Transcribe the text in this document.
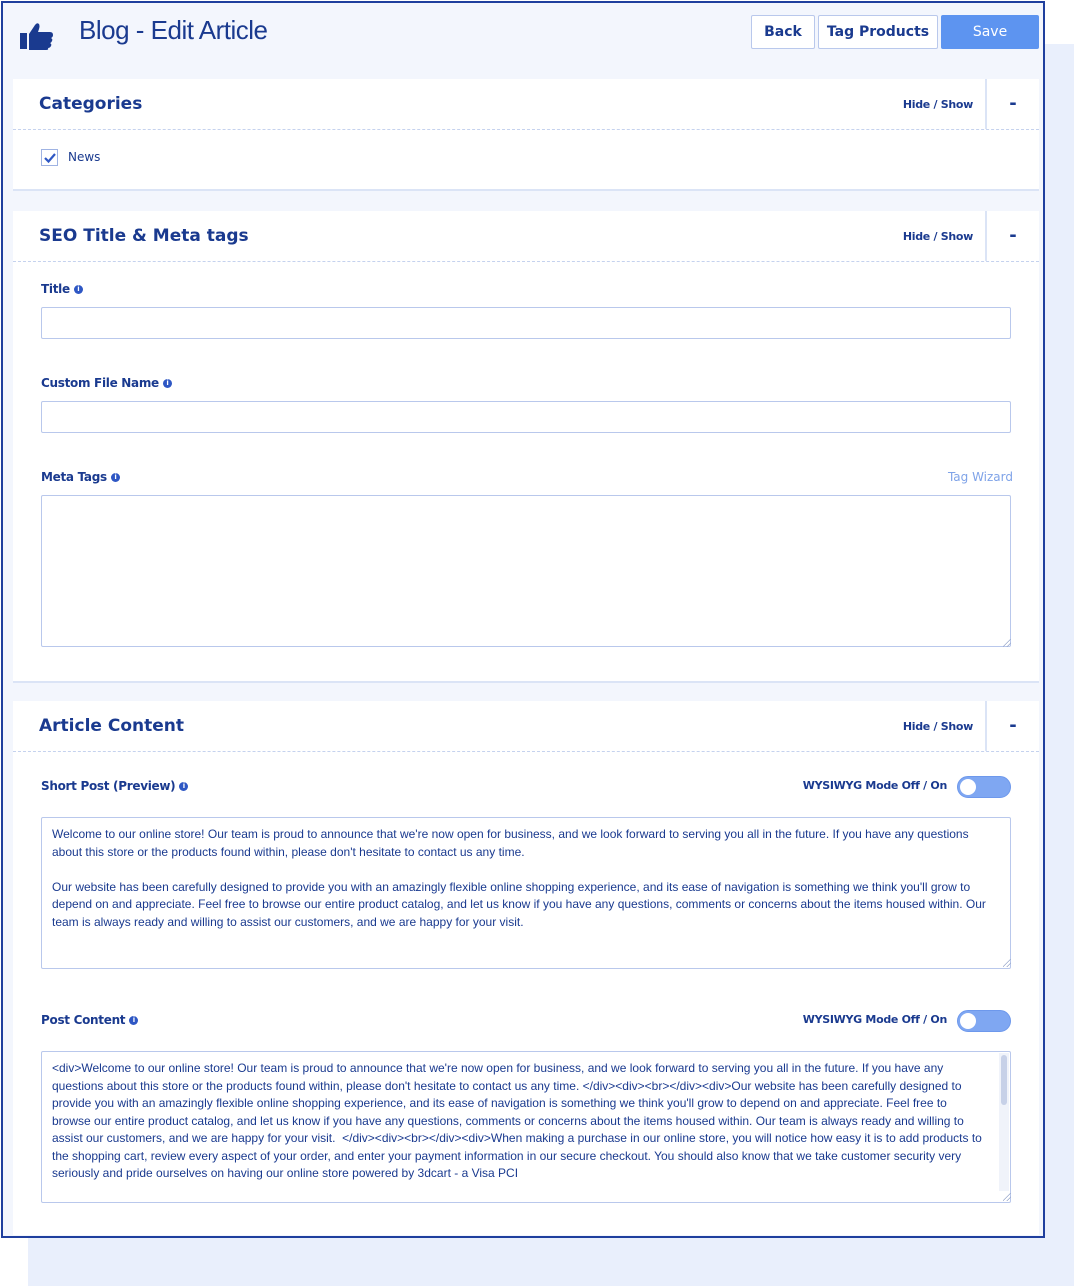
Blog - Edit Article	Back	Tag Products	Save
Categories	Hide / Show -
News
SEO Title & Meta tags	Hide / Show -
Title	i
Custom File Name	i
Meta Tags	i	Tag Wizard
Article Content	Hide / Show -
Short Post (Preview)	i	WYSIWYG Mode Off / On
Welcome to our online store! Our team is proud to announce that we're now open for business, and we look forward to serving you all in the future. If you have any questions about this store or the products found within, please don't hesitate to contact us any time.

Our website has been carefully designed to provide you with an amazingly flexible online shopping experience, and its ease of navigation is something we think you'll grow to depend on and appreciate. Feel free to browse our entire product catalog, and let us know if you have any questions, comments or concerns about the items housed within. Our team is always ready and willing to assist our customers, and we are happy for your visit.
Post Content	i	WYSIWYG Mode Off / On
<div>Welcome to our online store! Our team is proud to announce that we're now open for business, and we look forward to serving you all in the future. If you have any questions about this store or the products found within, please don't hesitate to contact us any time. </div><div><br></div><div>Our website has been carefully designed to provide you with an amazingly flexible online shopping experience, and its ease of navigation is something we think you'll grow to depend on and appreciate. Feel free to browse our entire product catalog, and let us know if you have any questions, comments or concerns about the items housed within. Our team is always ready and willing to assist our customers, and we are happy for your visit.  </div><div><br></div><div>When making a purchase in our online store, you will notice how easy it is to add products to the shopping cart, review every aspect of your order, and enter your payment information in our secure checkout. You should also know that we take customer security very seriously and pride ourselves on having our online store powered by 3dcart - a Visa PCI
